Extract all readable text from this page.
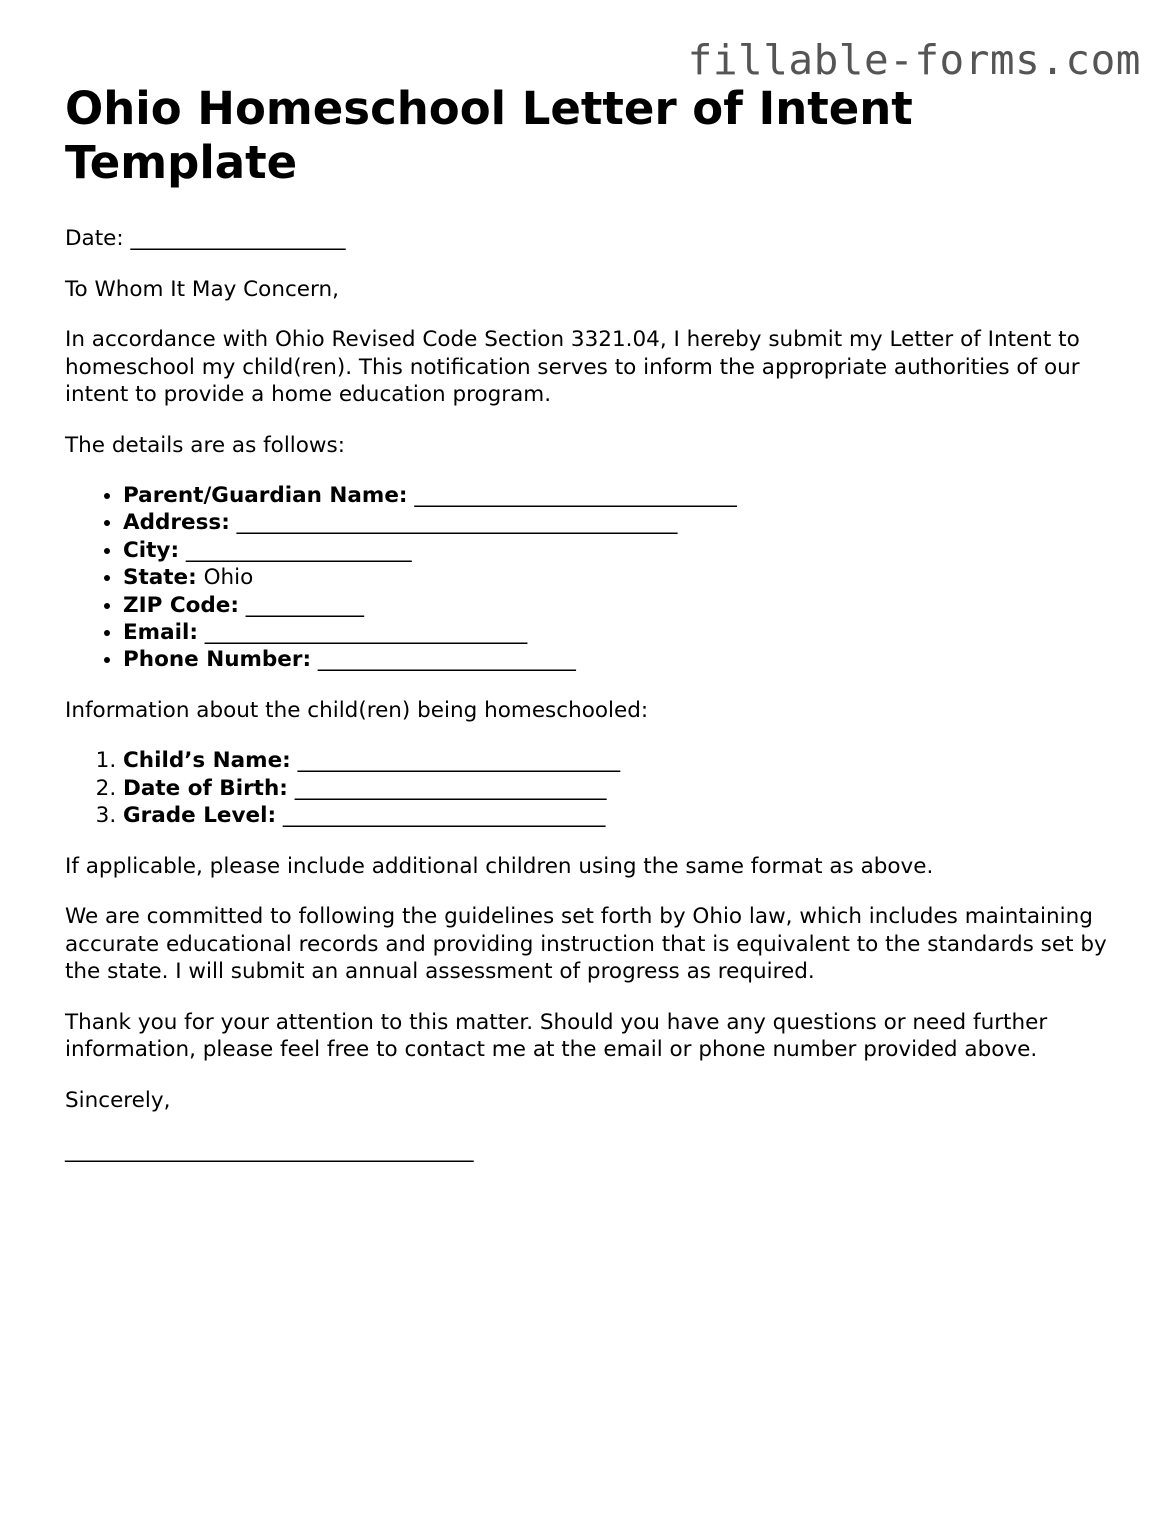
fillable-forms.com
Ohio Homeschool Letter of Intent Template

Date: ____________________

To Whom It May Concern,

In accordance with Ohio Revised Code Section 3321.04, I hereby submit my Letter of Intent to homeschool my child(ren). This notification serves to inform the appropriate authorities of our intent to provide a home education program.

The details are as follows:

• Parent/Guardian Name: ______________________________
• Address: _________________________________________
• City: _____________________
• State: Ohio
• ZIP Code: ___________
• Email: ______________________________
• Phone Number: ________________________

Information about the child(ren) being homeschooled:

1. Child’s Name: ______________________________
2. Date of Birth: _____________________________
3. Grade Level: ______________________________

If applicable, please include additional children using the same format as above.

We are committed to following the guidelines set forth by Ohio law, which includes maintaining accurate educational records and providing instruction that is equivalent to the standards set by the state. I will submit an annual assessment of progress as required.

Thank you for your attention to this matter. Should you have any questions or need further information, please feel free to contact me at the email or phone number provided above.

Sincerely,

______________________________________
